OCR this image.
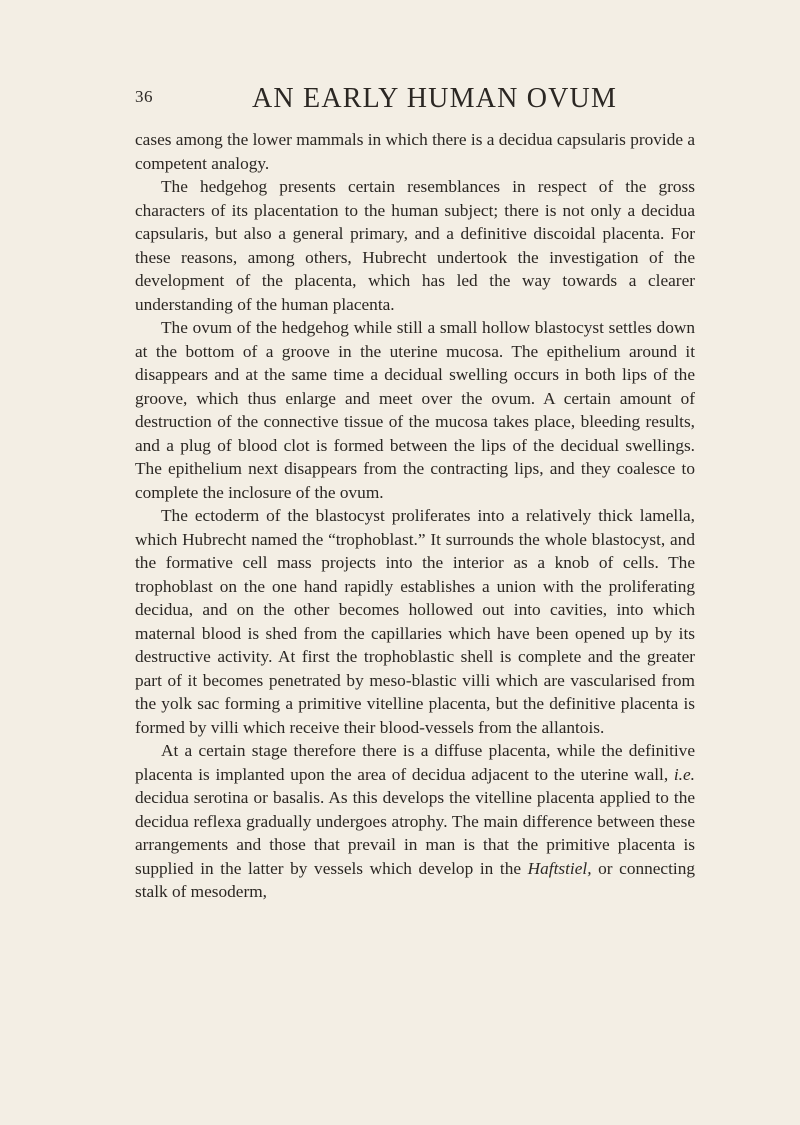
36	AN EARLY HUMAN OVUM

cases among the lower mammals in which there is a decidua capsularis provide a competent analogy.

The hedgehog presents certain resemblances in respect of the gross characters of its placentation to the human subject; there is not only a decidua capsularis, but also a general primary, and a definitive discoidal placenta. For these reasons, among others, Hubrecht undertook the investigation of the development of the placenta, which has led the way towards a clearer understanding of the human placenta.

The ovum of the hedgehog while still a small hollow blastocyst settles down at the bottom of a groove in the uterine mucosa. The epithelium around it disappears and at the same time a decidual swelling occurs in both lips of the groove, which thus enlarge and meet over the ovum. A certain amount of destruction of the connective tissue of the mucosa takes place, bleeding results, and a plug of blood clot is formed between the lips of the decidual swellings. The epithelium next disappears from the contracting lips, and they coalesce to complete the inclosure of the ovum.

The ectoderm of the blastocyst proliferates into a relatively thick lamella, which Hubrecht named the “trophoblast.” It surrounds the whole blastocyst, and the formative cell mass projects into the interior as a knob of cells. The trophoblast on the one hand rapidly establishes a union with the proliferating decidua, and on the other becomes hollowed out into cavities, into which maternal blood is shed from the capillaries which have been opened up by its destructive activity. At first the trophoblastic shell is complete and the greater part of it becomes penetrated by meso-blastic villi which are vascularised from the yolk sac forming a primitive vitelline placenta, but the definitive placenta is formed by villi which receive their blood-vessels from the allantois.

At a certain stage therefore there is a diffuse placenta, while the definitive placenta is implanted upon the area of decidua adjacent to the uterine wall, i.e. decidua serotina or basalis. As this develops the vitelline placenta applied to the decidua reflexa gradually undergoes atrophy. The main difference between these arrangements and those that prevail in man is that the primitive placenta is supplied in the latter by vessels which develop in the Haftstiel, or connecting stalk of mesoderm,
